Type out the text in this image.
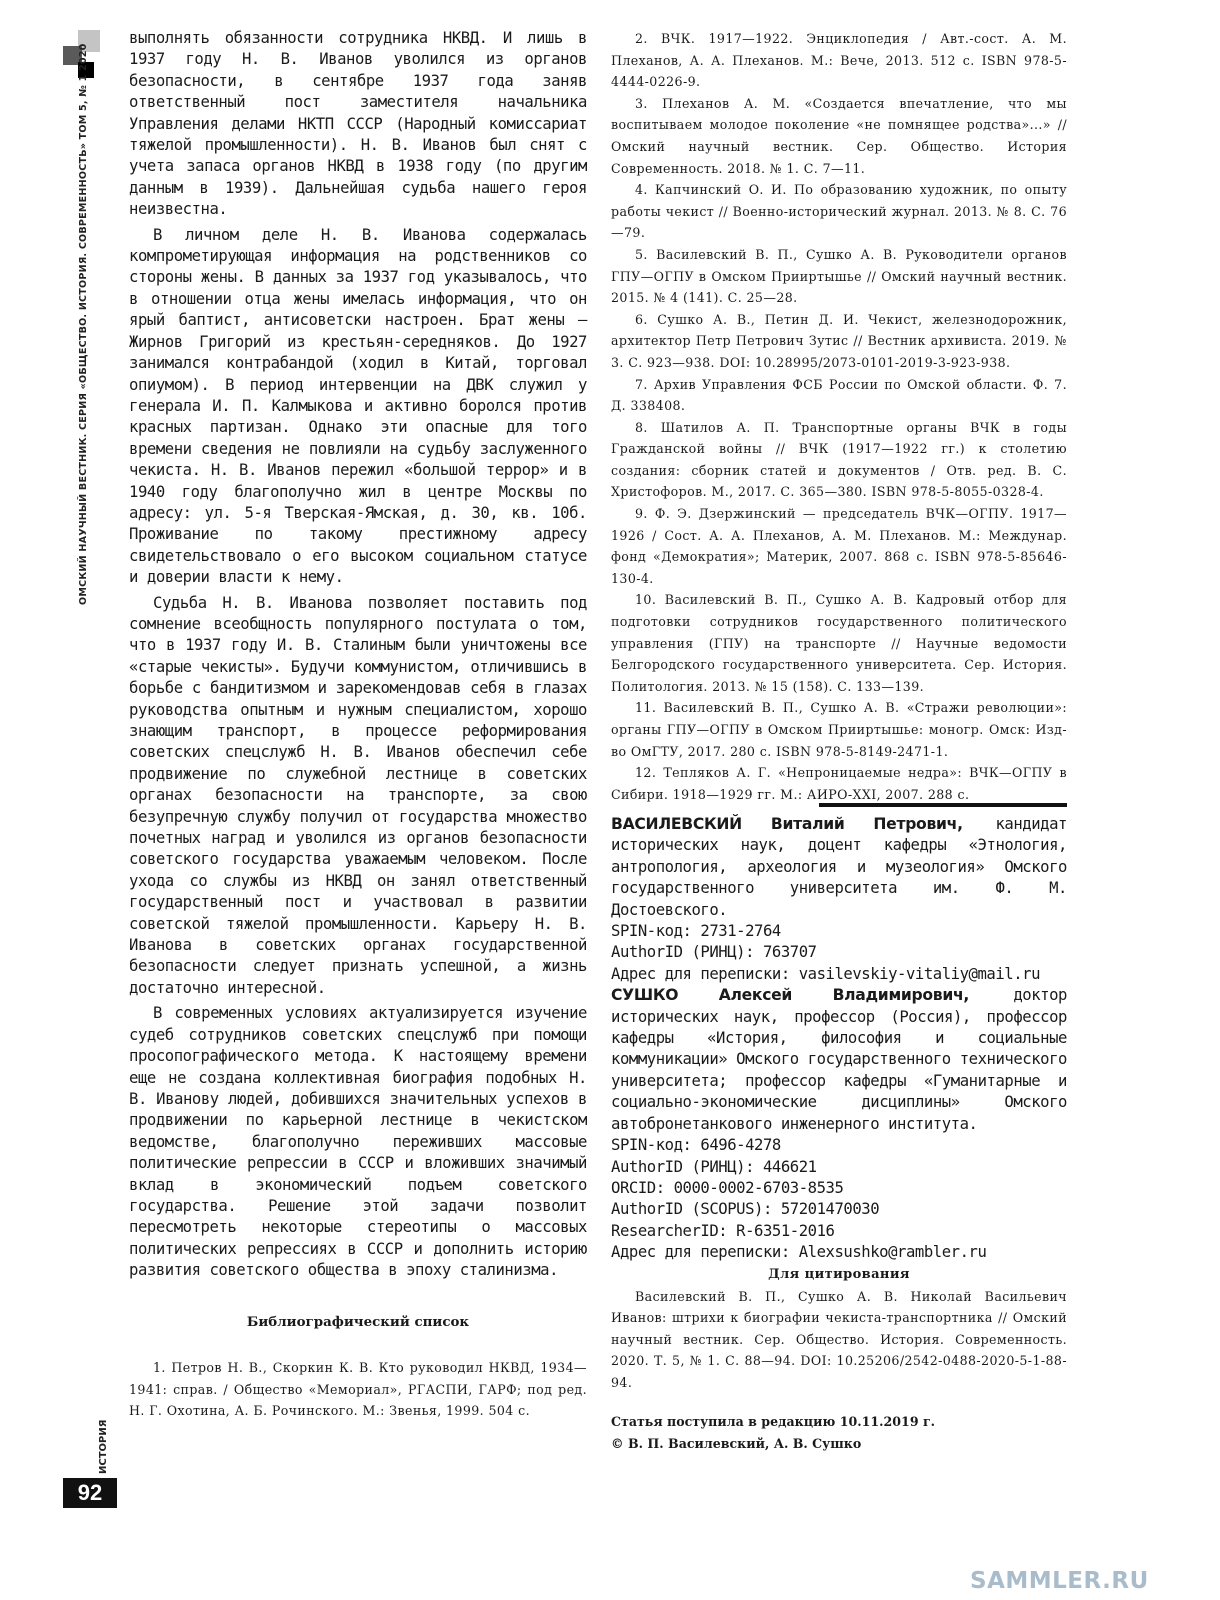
ОМСКИЙ НАУЧНЫЙ ВЕСТНИК. СЕРИЯ «ОБЩЕСТВО. ИСТОРИЯ. СОВРЕМЕННОСТЬ» ТОМ 5, № 1 2020
ИСТОРИЯ
92

выполнять обязанности сотрудника НКВД. И лишь в 1937 году Н. В. Иванов уволился из органов безопасности, в сентябре 1937 года заняв ответственный пост заместителя начальника Управления делами НКТП СССР (Народный комиссариат тяжелой промышленности). Н. В. Иванов был снят с учета запаса органов НКВД в 1938 году (по другим данным в 1939). Дальнейшая судьба нашего героя неизвестна.

В личном деле Н. В. Иванова содержалась компрометирующая информация на родственников со стороны жены. В данных за 1937 год указывалось, что в отношении отца жены имелась информация, что он ярый баптист, антисоветски настроен. Брат жены — Жирнов Григорий из крестьян-середняков. До 1927 занимался контрабандой (ходил в Китай, торговал опиумом). В период интервенции на ДВК служил у генерала И. П. Калмыкова и активно боролся против красных партизан. Однако эти опасные для того времени сведения не повлияли на судьбу заслуженного чекиста. Н. В. Иванов пережил «большой террор» и в 1940 году благополучно жил в центре Москвы по адресу: ул. 5-я Тверская-Ямская, д. 30, кв. 10б. Проживание по такому престижному адресу свидетельствовало о его высоком социальном статусе и доверии власти к нему.

Судьба Н. В. Иванова позволяет поставить под сомнение всеобщность популярного постулата о том, что в 1937 году И. В. Сталиным были уничтожены все «старые чекисты». Будучи коммунистом, отличившись в борьбе с бандитизмом и зарекомендовав себя в глазах руководства опытным и нужным специалистом, хорошо знающим транспорт, в процессе реформирования советских спецслужб Н. В. Иванов обеспечил себе продвижение по служебной лестнице в советских органах безопасности на транспорте, за свою безупречную службу получил от государства множество почетных наград и уволился из органов безопасности советского государства уважаемым человеком. После ухода со службы из НКВД он занял ответственный государственный пост и участвовал в развитии советской тяжелой промышленности. Карьеру Н. В. Иванова в советских органах государственной безопасности следует признать успешной, а жизнь достаточно интересной.

В современных условиях актуализируется изучение судеб сотрудников советских спецслужб при помощи просопографического метода. К настоящему времени еще не создана коллективная биография подобных Н. В. Иванову людей, добившихся значительных успехов в продвижении по карьерной лестнице в чекистском ведомстве, благополучно переживших массовые политические репрессии в СССР и вложивших значимый вклад в экономический подъем советского государства. Решение этой задачи позволит пересмотреть некоторые стереотипы о массовых политических репрессиях в СССР и дополнить историю развития советского общества в эпоху сталинизма.

Библиографический список

1. Петров Н. В., Скоркин К. В. Кто руководил НКВД, 1934—1941: справ. / Общество «Мемориал», РГАСПИ, ГАРФ; под ред. Н. Г. Охотина, А. Б. Рочинского. М.: Звенья, 1999. 504 с.

2. ВЧК. 1917—1922. Энциклопедия / Авт.-сост. А. М. Плеханов, А. А. Плеханов. М.: Вече, 2013. 512 с. ISBN 978-5-4444-0226-9.

3. Плеханов А. М. «Создается впечатление, что мы воспитываем молодое поколение «не помнящее родства»...» // Омский научный вестник. Сер. Общество. История Современность. 2018. № 1. С. 7—11.

4. Капчинский О. И. По образованию художник, по опыту работы чекист // Военно-исторический журнал. 2013. № 8. С. 76—79.

5. Василевский В. П., Сушко А. В. Руководители органов ГПУ—ОГПУ в Омском Прииртышье // Омский научный вестник. 2015. № 4 (141). С. 25—28.

6. Сушко А. В., Петин Д. И. Чекист, железнодорожник, архитектор Петр Петрович Зутис // Вестник архивиста. 2019. № 3. С. 923—938. DOI: 10.28995/2073-0101-2019-3-923-938.

7. Архив Управления ФСБ России по Омской области. Ф. 7. Д. 338408.

8. Шатилов А. П. Транспортные органы ВЧК в годы Гражданской войны // ВЧК (1917—1922 гг.) к столетию создания: сборник статей и документов / Отв. ред. В. С. Христофоров. М., 2017. С. 365—380. ISBN 978-5-8055-0328-4.

9. Ф. Э. Дзержинский — председатель ВЧК—ОГПУ. 1917—1926 / Сост. А. А. Плеханов, А. М. Плеханов. М.: Междунар. фонд «Демократия»; Материк, 2007. 868 с. ISBN 978-5-85646-130-4.

10. Василевский В. П., Сушко А. В. Кадровый отбор для подготовки сотрудников государственного политического управления (ГПУ) на транспорте // Научные ведомости Белгородского государственного университета. Сер. История. Политология. 2013. № 15 (158). С. 133—139.

11. Василевский В. П., Сушко А. В. «Стражи революции»: органы ГПУ—ОГПУ в Омском Прииртышье: моногр. Омск: Изд-во ОмГТУ, 2017. 280 с. ISBN 978-5-8149-2471-1.

12. Тепляков А. Г. «Непроницаемые недра»: ВЧК—ОГПУ в Сибири. 1918—1929 гг. М.: АИРО-XXI, 2007. 288 с.

ВАСИЛЕВСКИЙ Виталий Петрович, кандидат исторических наук, доцент кафедры «Этнология, антропология, археология и музеология» Омского государственного университета им. Ф. М. Достоевского.

SPIN-код: 2731-2764

AuthorID (РИНЦ): 763707

Адрес для переписки: vasilevskiy-vitaliy@mail.ru

СУШКО Алексей Владимирович, доктор исторических наук, профессор (Россия), профессор кафедры «История, философия и социальные коммуникации» Омского государственного технического университета; профессор кафедры «Гуманитарные и социально-экономические дисциплины» Омского автобронетанкового инженерного института.

SPIN-код: 6496-4278

AuthorID (РИНЦ): 446621

ORCID: 0000-0002-6703-8535

AuthorID (SCOPUS): 57201470030

ResearcherID: R-6351-2016

Адрес для переписки: Alexsushko@rambler.ru

Для цитирования

Василевский В. П., Сушко А. В. Николай Васильевич Иванов: штрихи к биографии чекиста-транспортника // Омский научный вестник. Сер. Общество. История. Современность. 2020. Т. 5, № 1. С. 88—94. DOI: 10.25206/2542-0488-2020-5-1-88-94.

Статья поступила в редакцию 10.11.2019 г.

© В. П. Василевский, А. В. Сушко

SAMMLER.RU
